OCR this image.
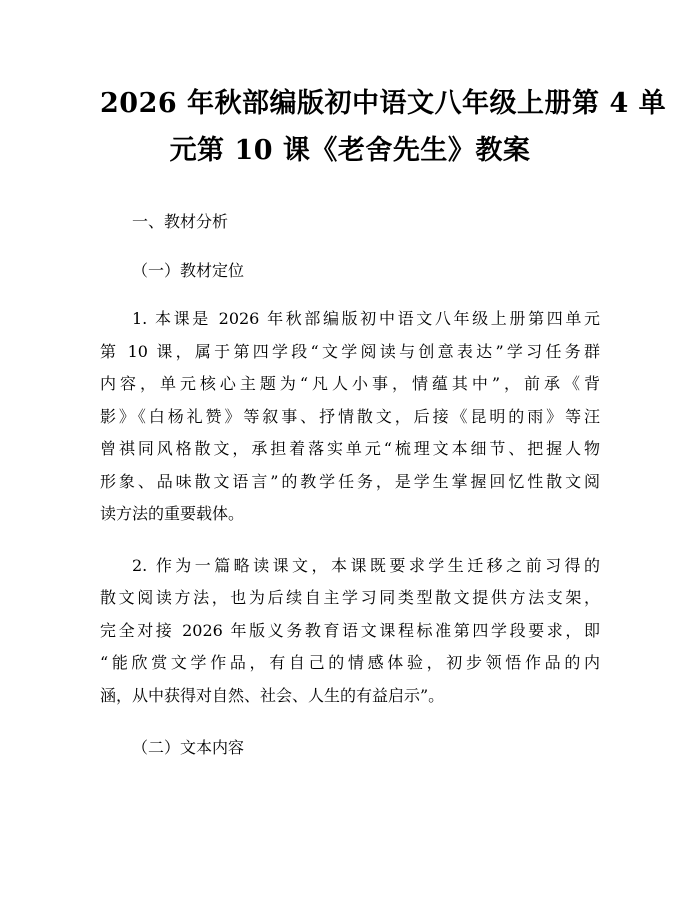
2026 年秋部编版初中语文八年级上册第 4 单
元第 10 课《老舍先生》教案

一、教材分析

（一）教材定位

1. 本课是 2026 年秋部编版初中语文八年级上册第四单元
第 10 课，属于第四学段“文学阅读与创意表达”学习任务群
内容，单元核心主题为“凡人小事，情蕴其中”，前承《背
影》《白杨礼赞》等叙事、抒情散文，后接《昆明的雨》等汪
曾祺同风格散文，承担着落实单元“梳理文本细节、把握人物
形象、品味散文语言”的教学任务，是学生掌握回忆性散文阅
读方法的重要载体。
2. 作为一篇略读课文，本课既要求学生迁移之前习得的
散文阅读方法，也为后续自主学习同类型散文提供方法支架，
完全对接 2026 年版义务教育语文课程标准第四学段要求，即
“能欣赏文学作品，有自己的情感体验，初步领悟作品的内
涵，从中获得对自然、社会、人生的有益启示”。

（二）文本内容
